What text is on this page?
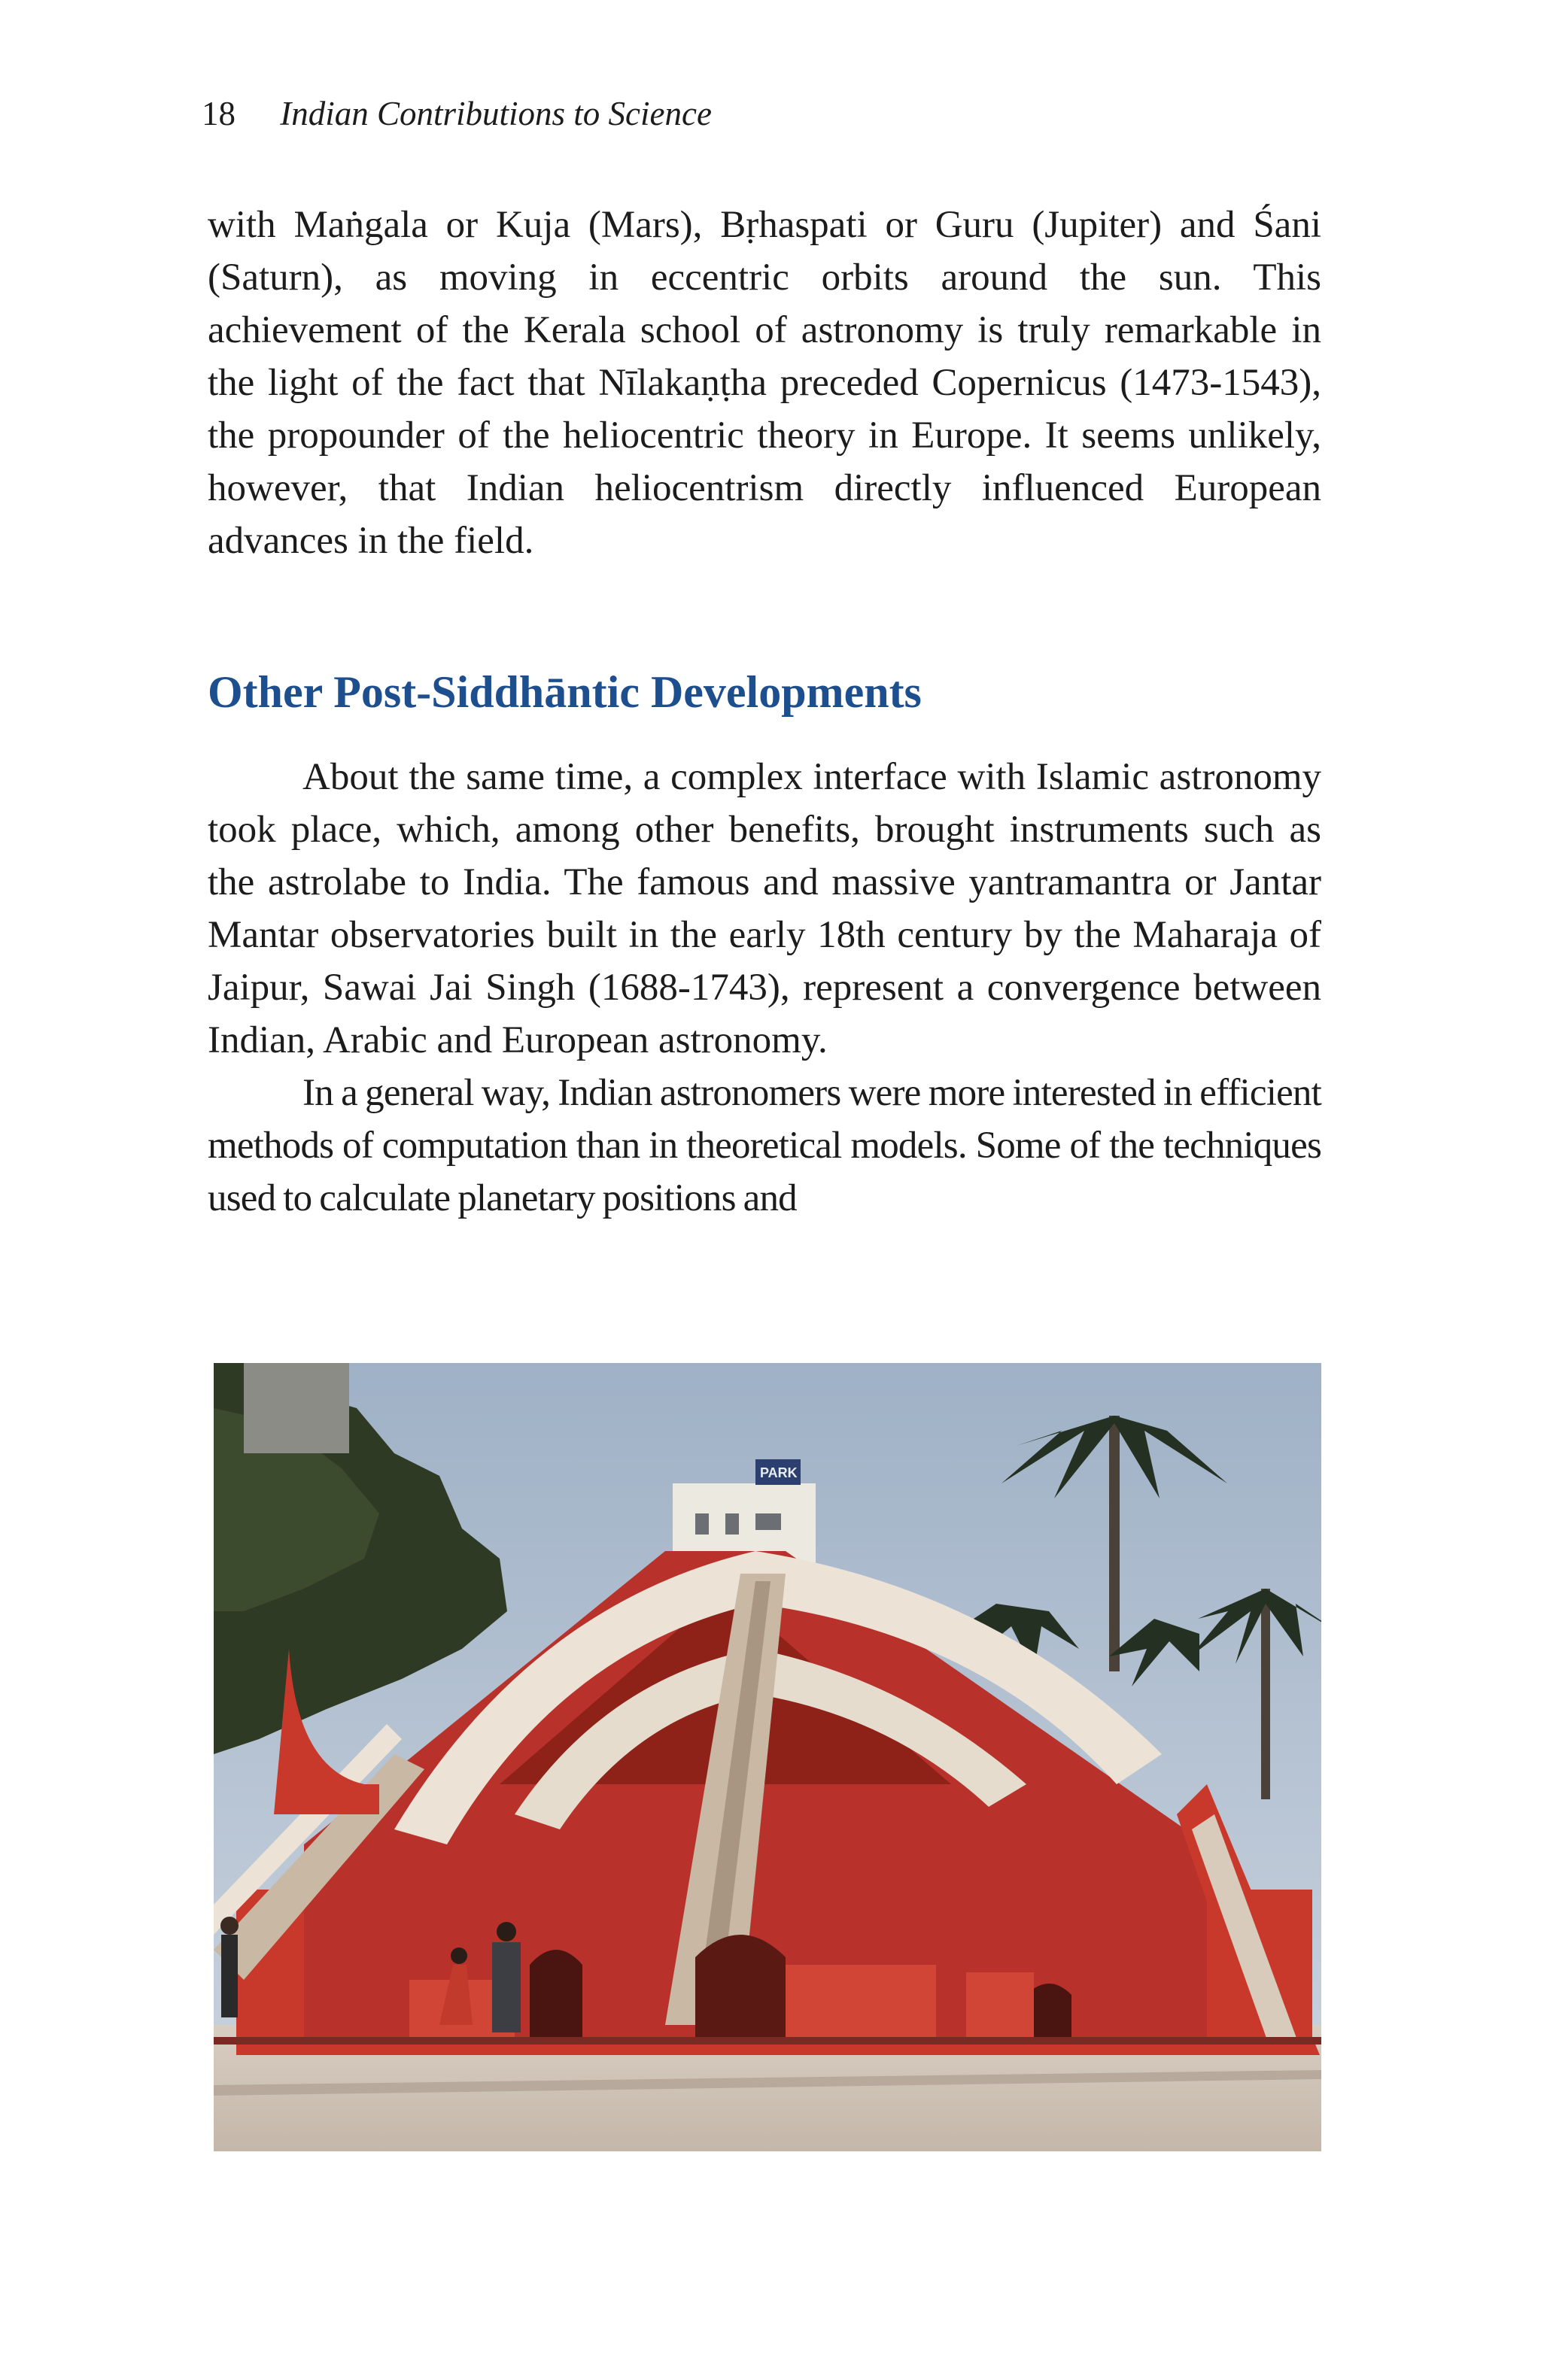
18 Indian Contributions to Science

with Maṅgala or Kuja (Mars), Bṛhaspati or Guru (Jupiter) and Śani (Saturn), as moving in eccentric orbits around the sun. This achievement of the Kerala school of astronomy is truly remarkable in the light of the fact that Nīlakaṇṭha preceded Copernicus (1473-1543), the propounder of the heliocentric theory in Europe. It seems unlikely, however, that Indian heliocentrism directly influenced European advances in the field.

Other Post-Siddhāntic Developments

About the same time, a complex interface with Islamic astronomy took place, which, among other benefits, brought instruments such as the astrolabe to India. The famous and massive yantramantra or Jantar Mantar observatories built in the early 18th century by the Maharaja of Jaipur, Sawai Jai Singh (1688-1743), represent a convergence between Indian, Arabic and European astronomy.

In a general way, Indian astronomers were more interested in efficient methods of computation than in theoretical models. Some of the techniques used to calculate planetary positions and

PARK
